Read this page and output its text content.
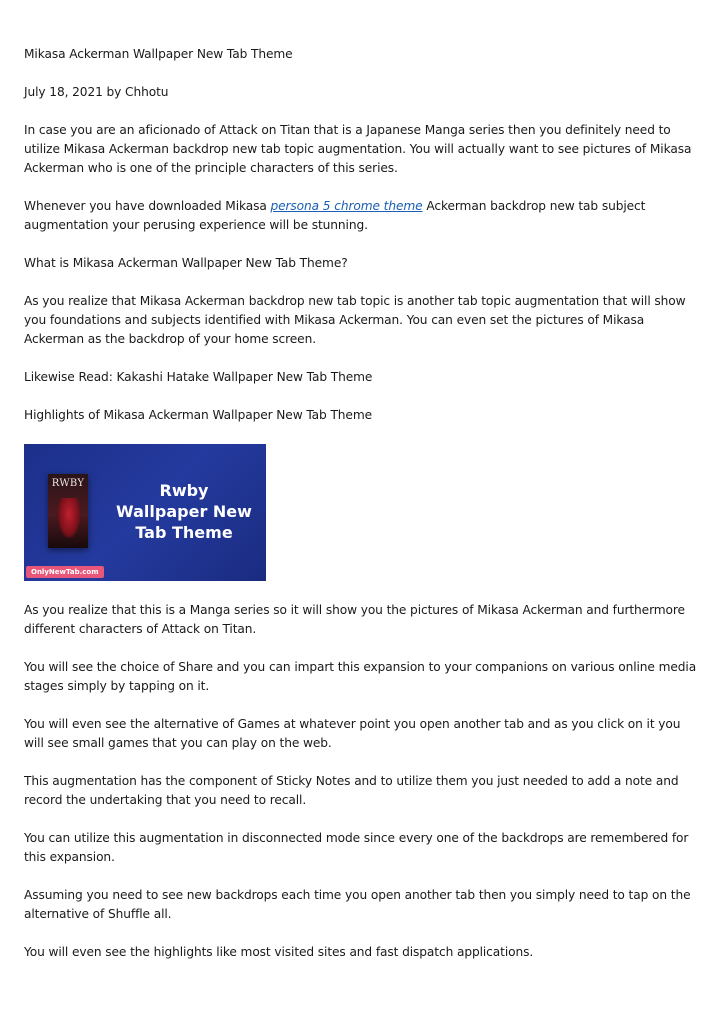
Mikasa Ackerman Wallpaper New Tab Theme

July 18, 2021 by Chhotu

In case you are an aficionado of Attack on Titan that is a Japanese Manga series then you definitely need to utilize Mikasa Ackerman backdrop new tab topic augmentation. You will actually want to see pictures of Mikasa Ackerman who is one of the principle characters of this series.

Whenever you have downloaded Mikasa persona 5 chrome theme Ackerman backdrop new tab subject augmentation your perusing experience will be stunning.

What is Mikasa Ackerman Wallpaper New Tab Theme?

As you realize that Mikasa Ackerman backdrop new tab topic is another tab topic augmentation that will show you foundations and subjects identified with Mikasa Ackerman. You can even set the pictures of Mikasa Ackerman as the backdrop of your home screen.

Likewise Read: Kakashi Hatake Wallpaper New Tab Theme

Highlights of Mikasa Ackerman Wallpaper New Tab Theme

RWBY	Rwby
Wallpaper New
Tab Theme
OnlyNewTab.com

As you realize that this is a Manga series so it will show you the pictures of Mikasa Ackerman and furthermore different characters of Attack on Titan.

You will see the choice of Share and you can impart this expansion to your companions on various online media stages simply by tapping on it.

You will even see the alternative of Games at whatever point you open another tab and as you click on it you will see small games that you can play on the web.

This augmentation has the component of Sticky Notes and to utilize them you just needed to add a note and record the undertaking that you need to recall.

You can utilize this augmentation in disconnected mode since every one of the backdrops are remembered for this expansion.

Assuming you need to see new backdrops each time you open another tab then you simply need to tap on the alternative of Shuffle all.

You will even see the highlights like most visited sites and fast dispatch applications.
